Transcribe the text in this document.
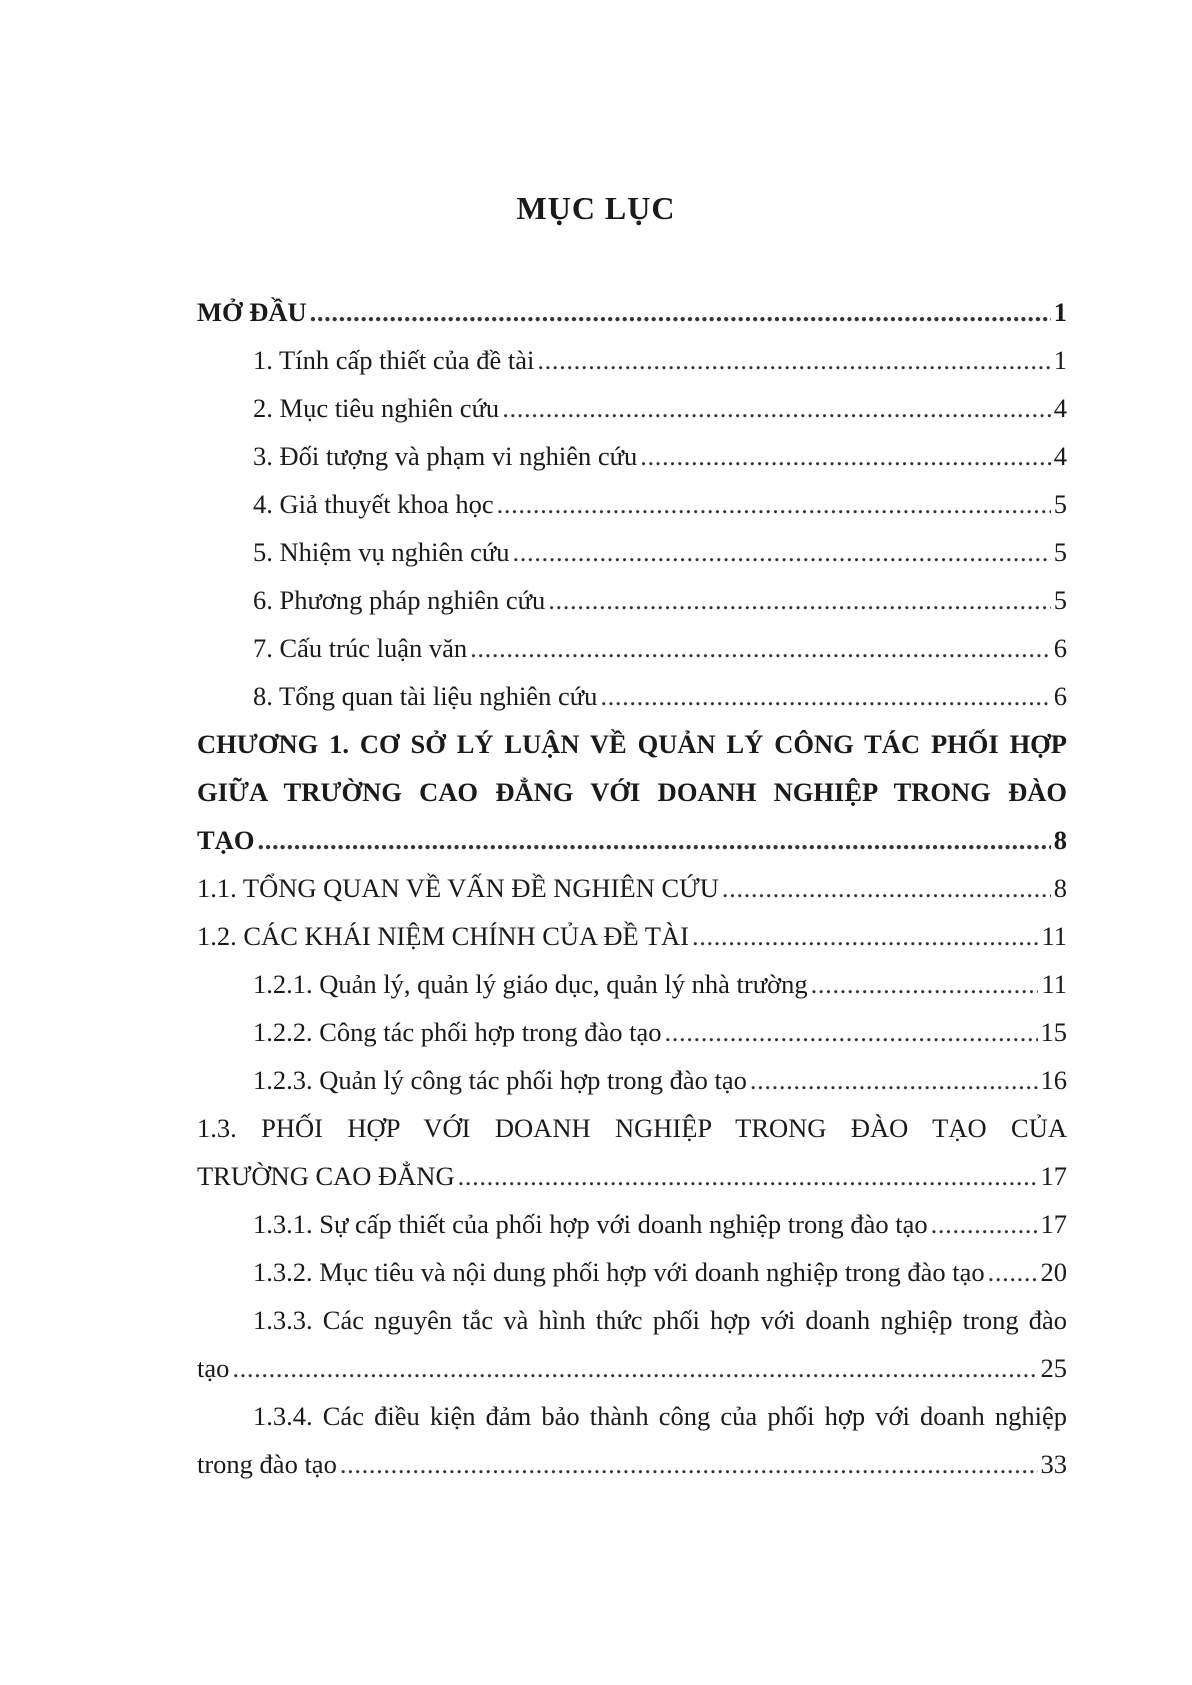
MỤC LỤC
MỞ ĐẦU . . .	1
1. Tính cấp thiết của đề tài . . .	1
2. Mục tiêu nghiên cứu . . .	4
3. Đối tượng và phạm vi nghiên cứu . . .	4
4. Giả thuyết khoa học . . .	5
5. Nhiệm vụ nghiên cứu . . .	5
6. Phương pháp nghiên cứu . . .	5
7. Cấu trúc luận văn . . .	6
8. Tổng quan tài liệu nghiên cứu . . .	6
CHƯƠNG 1. CƠ SỞ LÝ LUẬN VỀ QUẢN LÝ CÔNG TÁC PHỐI HỢP
GIỮA TRƯỜNG CAO ĐẲNG VỚI DOANH NGHIỆP TRONG ĐÀO
TẠO . . .	8
1.1. TỔNG QUAN VỀ VẤN ĐỀ NGHIÊN CỨU . . .	8
1.2. CÁC KHÁI NIỆM CHÍNH CỦA ĐỀ TÀI . . .	11
1.2.1. Quản lý, quản lý giáo dục, quản lý nhà trường . . .	11
1.2.2. Công tác phối hợp trong đào tạo . . .	15
1.2.3. Quản lý công tác phối hợp trong đào tạo . . .	16
1.3. PHỐI HỢP VỚI DOANH NGHIỆP TRONG ĐÀO TẠO CỦA
TRƯỜNG CAO ĐẲNG . . .	17
1.3.1. Sự cấp thiết của phối hợp với doanh nghiệp trong đào tạo . . .	17
1.3.2. Mục tiêu và nội dung phối hợp với doanh nghiệp trong đào tạo . . . 20
1.3.3. Các nguyên tắc và hình thức phối hợp với doanh nghiệp trong đào
tạo . . .	25
1.3.4. Các điều kiện đảm bảo thành công của phối hợp với doanh nghiệp
trong đào tạo . . .	33
